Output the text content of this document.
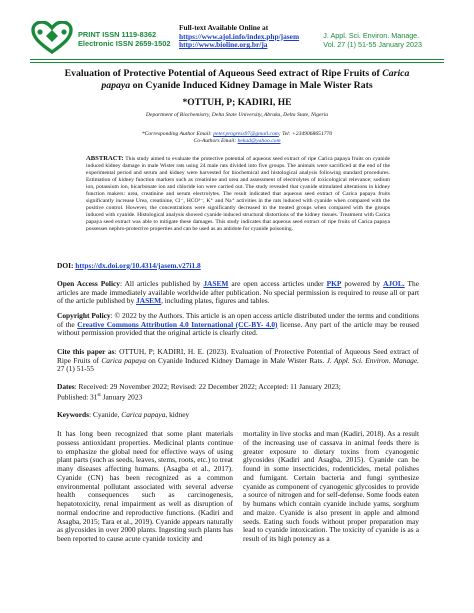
PRINT ISSN 1119-8362
Electronic ISSN 2659-1502
Full-text Available Online at
https://www.ajol.info/index.php/jasem
http://www.bioline.org.br/ja
J. Appl. Sci. Environ. Manage.
Vol. 27 (1) 51-55 January 2023
Evaluation of Protective Potential of Aqueous Seed extract of Ripe Fruits of Carica
papaya on Cyanide Induced Kidney Damage in Male Wister Rats
*OTTUH, P; KADIRI, HE
Department of Biochemistry, Delta State University, Abraka, Delta State, Nigeria
*Corresponding Author Email: peter.progress97@gmail.com; Tel: +2349068651770
Co-Authors Email: hekad@yahoo.com
ABSTRACT: This study aimed to evaluate the protective potential of aqueous seed extract of ripe Carica papaya fruits on cyanide induced kidney damage in male Wister rats using 24 male rats divided into five groups. The animals were sacrificed at the end of the experimental period and serum and kidney were harvested for biochemical and histological analysis following standard procedures. Estimation of kidney function markers such as creatinine and urea and assessment of electrolytes of toxicological relevance; sodium ion, potassium ion, bicarbonate ion and chloride ion were carried out. The study revealed that cyanide stimulated alterations in kidney function makers: urea, creatinine and serum electrolytes. The result indicated that aqueous seed extract of Carica papaya fruits significantly increase Urea, creatinine, Cl⁻, HCO³⁻, K⁺ and Na⁺ activities in the rats induced with cyanide when compared with the positive control. However, the concentrations were significantly decreased in the treated groups when compared with the groups induced with cyanide. Histological analysis showed cyanide induced structural distortions of the kidney tissues. Treatment with Carica papaya seed extract was able to mitigate these damages. This study indicates that aqueous seed extract of ripe fruits of Carica papaya possesses nephro-protective properties and can be used as an antidote for cyanide poisoning.
DOI: https://dx.doi.org/10.4314/jasem.v27i1.8
Open Access Policy: All articles published by JASEM are open access articles under PKP powered by AJOL. The articles are made immediately available worldwide after publication. No special permission is required to reuse all or part of the article published by JASEM, including plates, figures and tables.
Copyright Policy: © 2022 by the Authors. This article is an open access article distributed under the terms and conditions of the Creative Commons Attribution 4.0 International (CC-BY- 4.0) license. Any part of the article may be reused without permission provided that the original article is clearly cited.
Cite this paper as: OTTUH, P; KADIRI, H. E. (2023). Evaluation of Protective Potential of Aqueous Seed extract of Ripe Fruits of Carica papaya on Cyanide Induced Kidney Damage in Male Wister Rats. J. Appl. Sci. Environ. Manage. 27 (1) 51-55
Dates: Received: 29 November 2022; Revised: 22 December 2022; Accepted: 11 January 2023;
Published: 31st January 2023
Keywords: Cyanide, Carica papaya, kidney
It has long been recognized that some plant materials possess antioxidant properties. Medicinal plants continue to emphasize the global need for effective ways of using plant parts (such as seeds, leaves, stems, roots, etc.) to treat many diseases affecting humans. (Asagba et al., 2017). Cyanide (CN) has been recognized as a common environmental pollutant associated with several adverse health consequences such as carcinogenesis, hepatotoxicity, renal impairment as well as disruption of normal endocrine and reproductive functions. (Kadiri and Asagba, 2015; Tara et al., 2019). Cyanide appears naturally as glycosides in over 2000 plants. Ingesting such plants has been reported to cause acute cyanide toxicity and
mortality in live stocks and man (Kadiri, 2018). As a result of the increasing use of cassava in animal feeds there is greater exposure to dietary toxins from cyanogenic glycosides (Kadiri and Asagba, 2015). Cyanide can be found in some insecticides, rodenticides, metal polishes and fumigant. Certain bacteria and fungi synthesize cyanide as component of cyanogenic glycosides to provide a source of nitrogen and for self-defense. Some foods eaten by humans which contain cyanide include yams, sorghum and maize. Cyanide is also present in apple and almond seeds. Eating such foods without proper preparation may lead to cyanide intoxication. The toxicity of cyanide is as a result of its high potency as a
